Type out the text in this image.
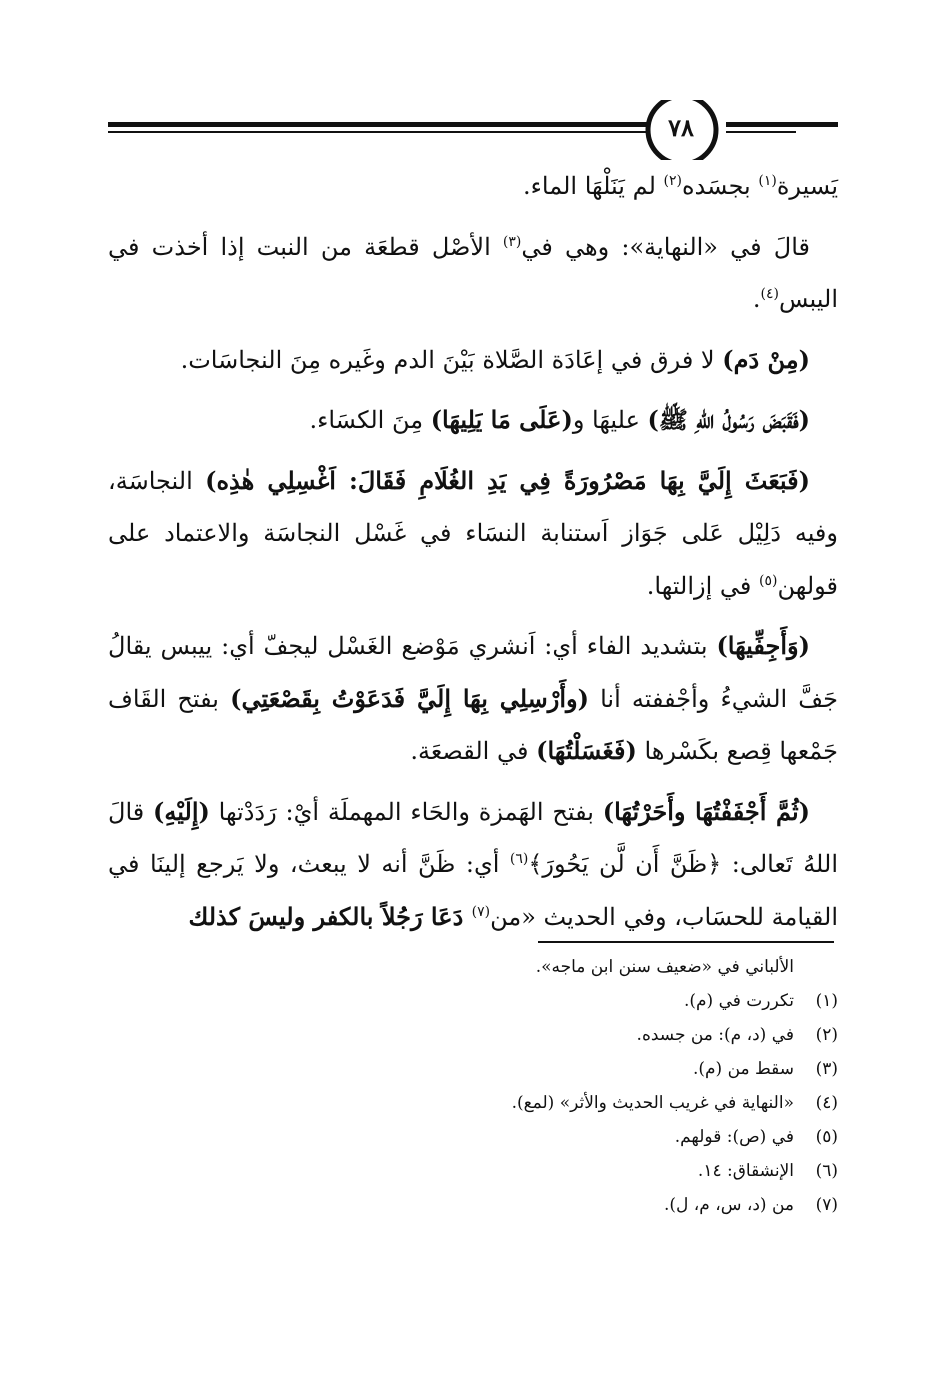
٧٨

يَسيرة$^{(١)}$ بجسَده$^{(٢)}$ لم يَنَلْهَا الماء.

قالَ في «النهاية»: وهي في$^{(٣)}$ الأصْل قطعَة من النبت إذا أخذت في اليبس$^{(٤)}$.

(مِنْ دَم) لا فرق في إعَادَة الصَّلاة بَيْنَ الدم وغَيره مِنَ النجاسَات.

(فَقَبَضَ رَسُولُ اللهِ ﷺ) عليهَا و(عَلَى مَا يَلِيهَا) مِنَ الكسَاء.

(فَبَعَثَ إِلَيَّ بِهَا مَصْرُورَةً فِي يَدِ الغُلَامِ فَقَالَ: اَغْسِلِي هٰذِه) النجاسَة، وفيه دَلِيْل عَلى جَوَاز اَستنابة النسَاء في غَسْل النجاسَة والاعتماد على قولهن$^{(٥)}$ في إزالتها.

(وَأَجِفِّيهَا) بتشديد الفاء أي: اَنشري مَوْضع الغَسْل ليجفّ أي: ييبس يقالُ جَفَّ الشيءُ وأجْففته أنا (وأَرْسِلِي بِهَا إِلَيَّ فَدَعَوْتُ بِقَصْعَتِي) بفتح القَاف جَمْعها قِصع بكَسْرها (فَغَسَلْتُهَا) في القصعَة.

(ثُمَّ أَجْفَفْتُهَا وأَحَرْتُهَا) بفتح الهَمزة والحَاء المهملَة أيْ: رَدَدْتها (إِلَيْهِ) قالَ اللهُ تَعالى: ﴿ظَنَّ أَن لَّن يَحُورَ﴾$^{(٦)}$ أي: ظَنَّ أنه لا يبعث، ولا يَرجع إلينَا في القيامة للحسَاب، وفي الحديث «من$^{(٧)}$ دَعَا رَجُلاً بالكفر وليسَ كذلك

الألباني في «ضعيف سنن ابن ماجه».

(١)
تكررت في (م).
(٢)
في (د، م): من جسده.
(٣)
سقط من (م).
(٤)
«النهاية في غريب الحديث والأثر» (لمع).
(٥)
في (ص): قولهم.
(٦)
الإنشقاق: ١٤.
(٧)
من (د، س، م، ل).
